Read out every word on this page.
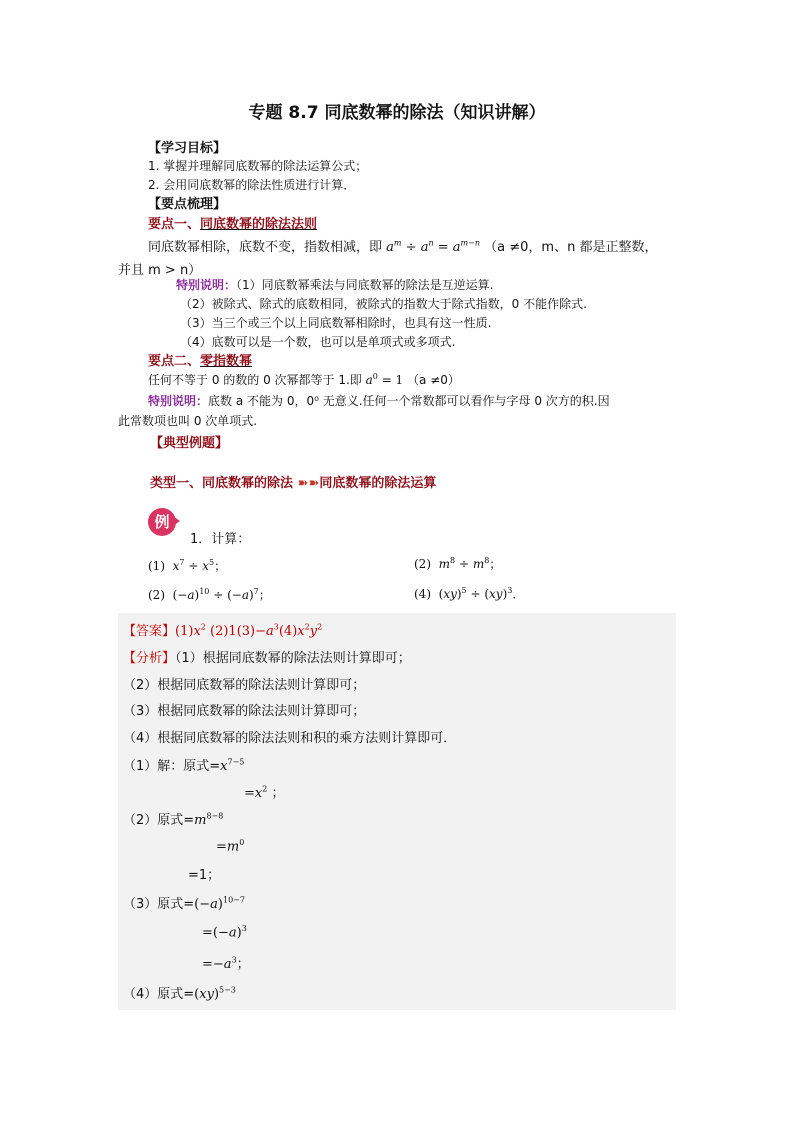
专题 8.7 同底数幂的除法（知识讲解）
【学习目标】
1. 掌握并理解同底数幂的除法运算公式；
2. 会用同底数幂的除法性质进行计算．
【要点梳理】
要点一、同底数幂的除法法则
同底数幂相除，底数不变，指数相减，即 $a^m \div a^n = a^{m-n}$ （a ≠0，m、n 都是正整数，
并且 m > n）
特别说明：（1）同底数幂乘法与同底数幂的除法是互逆运算.
（2）被除式、除式的底数相同，被除式的指数大于除式指数，0 不能作除式.
（3）当三个或三个以上同底数幂相除时，也具有这一性质.
（4）底数可以是一个数，也可以是单项式或多项式.
要点二、零指数幂
任何不等于 0 的数的 0 次幂都等于 1.即 $a^0 = 1$ （a ≠0）
特别说明：底数 a 不能为 0，0⁰ 无意义.任何一个常数都可以看作与字母 0 次方的积.因
此常数项也叫 0 次单项式.
【典型例题】
类型一、同底数幂的除法 ➽➽同底数幂的除法运算
例
1．计算：
(1)  $x^7 \div x^5$；	(2)  $m^8 \div m^8$；
(2)  $(-a)^{10} \div (-a)^7$；	(4)  (xy)$^5$ ÷ (xy)$^3$．
【答案】$(1)x^2$ $(2)1(3)-a^3(4)x^2y^2$
【分析】（1）根据同底数幂的除法法则计算即可；
（2）根据同底数幂的除法法则计算即可；
（3）根据同底数幂的除法法则计算即可；
（4）根据同底数幂的除法法则和积的乘方法则计算即可．
（1）解：原式$=x^{7-5}$
$=x^2$ ；
（2）原式$=m^{8-8}$
$=m^0$
=1；
（3）原式$=(-a)^{10-7}$
$=(-a)^3$
$=-a^3$；
（4）原式=(xy)$^{5-3}$
